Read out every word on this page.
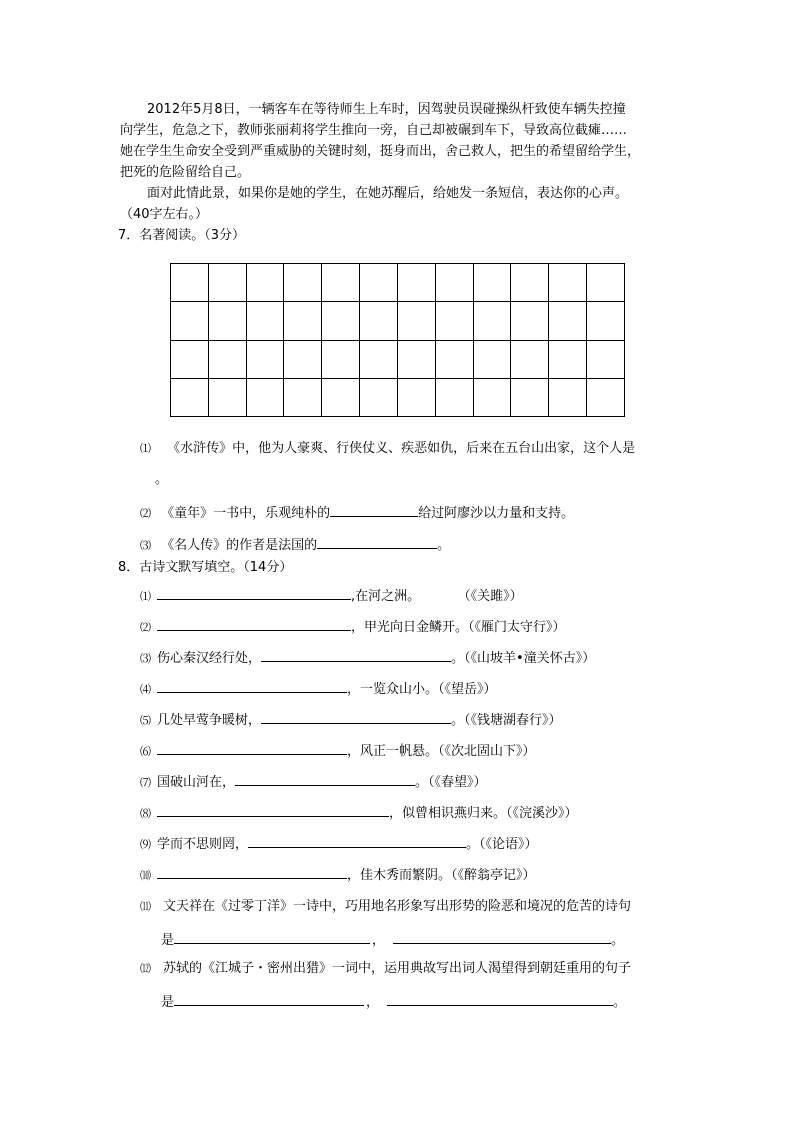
2012年5月8日，一辆客车在等待师生上车时，因驾驶员误碰操纵杆致使车辆失控撞

向学生，危急之下，教师张丽莉将学生推向一旁，自己却被碾到车下，导致高位截瘫……

她在学生生命安全受到严重威胁的关键时刻，挺身而出，舍己救人，把生的希望留给学生，

把死的危险留给自己。

面对此情此景，如果你是她的学生，在她苏醒后，给她发一条短信，表达你的心声。

（40字左右。）

7．名著阅读。（3分）
⑴ 《水浒传》中，他为人豪爽、行侠仗义、疾恶如仇，后来在五台山出家，这个人是
。
⑵ 《童年》一书中，乐观纯朴的	给过阿廖沙以力量和支持。
⑶ 《名人传》的作者是法国的	。
8．古诗文默写填空。（14分）
⑴	,在河之洲。	（《关雎》）
⑵	，甲光向日金鳞开。（《雁门太守行》）
⑶ 伤心秦汉经行处，	。（《山坡羊•潼关怀古》）
⑷	，一览众山小。（《望岳》）
⑸ 几处早莺争暖树，	。（《钱塘湖春行》）
⑹	，风正一帆悬。（《次北固山下》）
⑺ 国破山河在，	。（《春望》）
⑻	，似曾相识燕归来。（《浣溪沙》）
⑼ 学而不思则罔，	。（《论语》）
⑽	，佳木秀而繁阴。（《醉翁亭记》）
⑾ 文天祥在《过零丁洋》一诗中，巧用地名形象写出形势的险恶和境况的危苦的诗句
是	，	。
⑿ 苏轼的《江城子・密州出猎》一词中，运用典故写出词人渴望得到朝廷重用的句子
是	，	。
